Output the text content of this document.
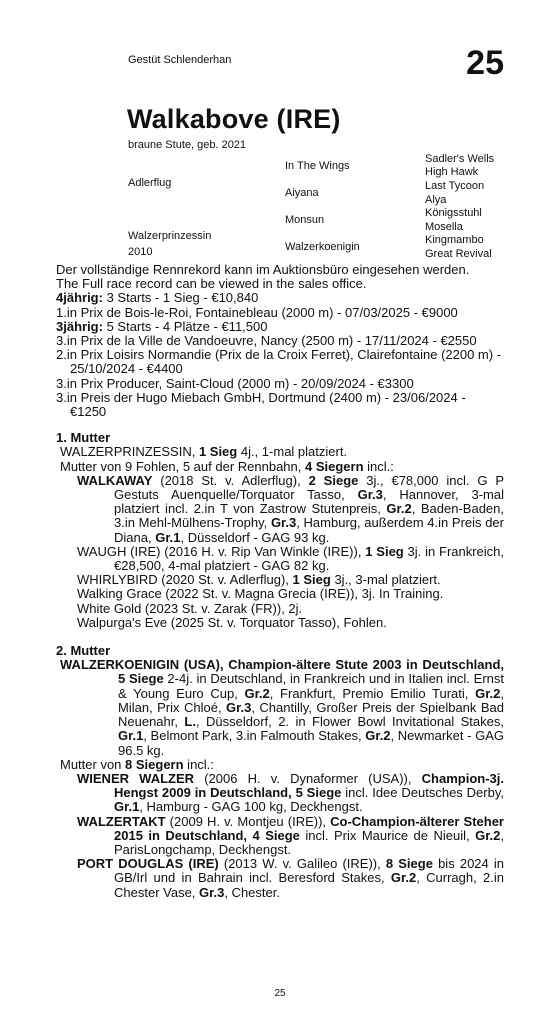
Gestüt Schlenderhan	25
Walkabove (IRE)
braune Stute, geb. 2021
Adlerflug
Walzerprinzessin
2010
In The Wings
Aiyana
Monsun
Walzerkoenigin
Sadler's Wells
High Hawk
Last Tycoon
Alya
Königsstuhl
Mosella
Kingmambo
Great Revival

Der vollständige Rennrekord kann im Auktionsbüro eingesehen werden.

The Full race record can be viewed in the sales office.

4jährig: 3 Starts - 1 Sieg - €10,840

1.in Prix de Bois-le-Roi, Fontainebleau (2000 m) - 07/03/2025 - €9000

3jährig: 5 Starts - 4 Plätze - €11,500

3.in Prix de la Ville de Vandoeuvre, Nancy (2500 m) - 17/11/2024 - €2550

2.in Prix Loisirs Normandie (Prix de la Croix Ferret), Clairefontaine (2200 m) - 25/10/2024 - €4400

3.in Prix Producer, Saint-Cloud (2000 m) - 20/09/2024 - €3300

3.in Preis der Hugo Miebach GmbH, Dortmund (2400 m) - 23/06/2024 - €1250

1. Mutter

WALZERPRINZESSIN, 1 Sieg 4j., 1-mal platziert.

Mutter von 9 Fohlen, 5 auf der Rennbahn, 4 Siegern incl.:

WALKAWAY (2018 St. v. Adlerflug), 2 Siege 3j., €78,000 incl. G P Gestuts Auenquelle/Torquator Tasso, Gr.3, Hannover, 3-mal platziert incl. 2.in T von Zastrow Stutenpreis, Gr.2, Baden-Baden, 3.in Mehl-Mülhens-Trophy, Gr.3, Hamburg, außerdem 4.in Preis der Diana, Gr.1, Düsseldorf - GAG 93 kg.

WAUGH (IRE) (2016 H. v. Rip Van Winkle (IRE)), 1 Sieg 3j. in Frankreich, €28,500, 4-mal platziert - GAG 82 kg.

WHIRLYBIRD (2020 St. v. Adlerflug), 1 Sieg 3j., 3-mal platziert.

Walking Grace (2022 St. v. Magna Grecia (IRE)), 3j. In Training.

White Gold (2023 St. v. Zarak (FR)), 2j.

Walpurga's Eve (2025 St. v. Torquator Tasso), Fohlen.

2. Mutter

WALZERKOENIGIN (USA), Champion-ältere Stute 2003 in Deutschland, 5 Siege 2-4j. in Deutschland, in Frankreich und in Italien incl. Ernst & Young Euro Cup, Gr.2, Frankfurt, Premio Emilio Turati, Gr.2, Milan, Prix Chloé, Gr.3, Chantilly, Großer Preis der Spielbank Bad Neuenahr, L., Düsseldorf, 2. in Flower Bowl Invitational Stakes, Gr.1, Belmont Park, 3.in Falmouth Stakes, Gr.2, Newmarket - GAG 96.5 kg.

Mutter von 8 Siegern incl.:

WIENER WALZER (2006 H. v. Dynaformer (USA)), Champion-3j. Hengst 2009 in Deutschland, 5 Siege incl. Idee Deutsches Derby, Gr.1, Hamburg - GAG 100 kg, Deckhengst.

WALZERTAKT (2009 H. v. Montjeu (IRE)), Co-Champion-älterer Steher 2015 in Deutschland, 4 Siege incl. Prix Maurice de Nieuil, Gr.2, ParisLongchamp, Deckhengst.

PORT DOUGLAS (IRE) (2013 W. v. Galileo (IRE)), 8 Siege bis 2024 in GB/Irl und in Bahrain incl. Beresford Stakes, Gr.2, Curragh, 2.in Chester Vase, Gr.3, Chester.

25
